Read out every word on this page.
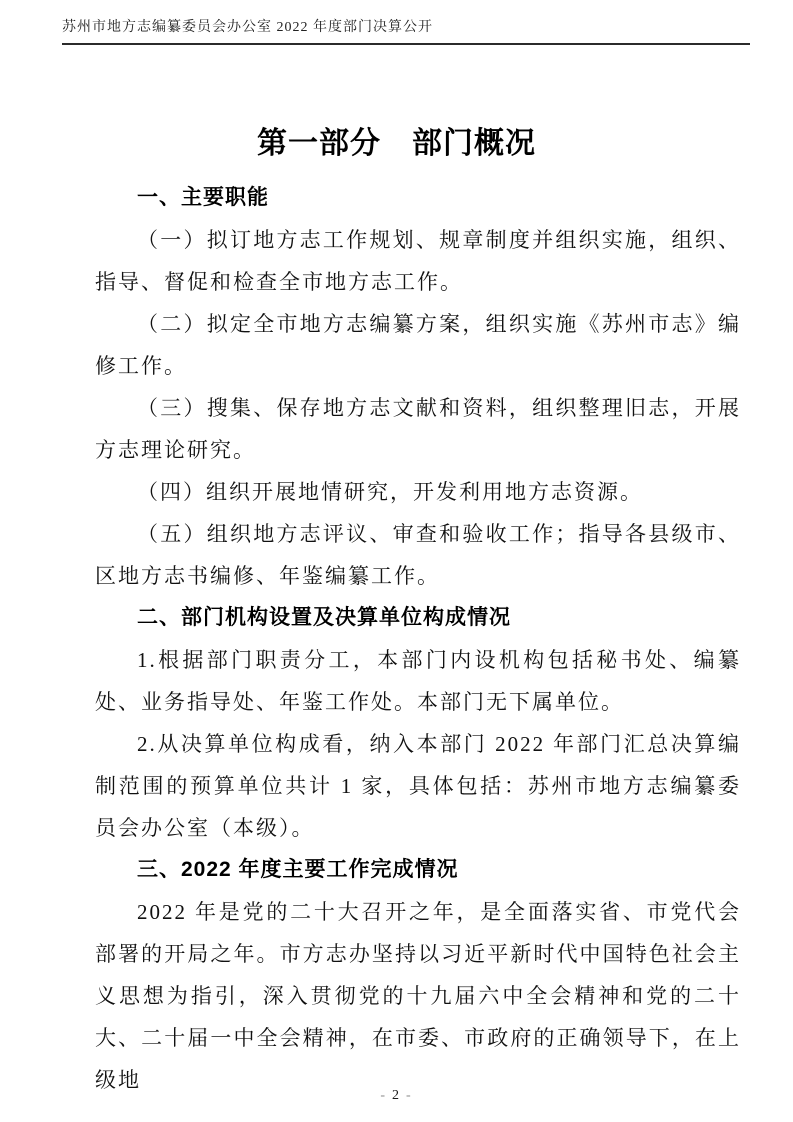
苏州市地方志编纂委员会办公室 2022 年度部门决算公开
第一部分　部门概况
一、主要职能

（一）拟订地方志工作规划、规章制度并组织实施，组织、指导、督促和检查全市地方志工作。

（二）拟定全市地方志编纂方案，组织实施《苏州市志》编修工作。

（三）搜集、保存地方志文献和资料，组织整理旧志，开展方志理论研究。

（四）组织开展地情研究，开发利用地方志资源。

（五）组织地方志评议、审查和验收工作；指导各县级市、区地方志书编修、年鉴编纂工作。

二、部门机构设置及决算单位构成情况

1.根据部门职责分工，本部门内设机构包括秘书处、编纂处、业务指导处、年鉴工作处。本部门无下属单位。

2.从决算单位构成看，纳入本部门 2022 年部门汇总决算编制范围的预算单位共计 1 家，具体包括：苏州市地方志编纂委员会办公室（本级）。

三、2022 年度主要工作完成情况

2022 年是党的二十大召开之年，是全面落实省、市党代会部署的开局之年。市方志办坚持以习近平新时代中国特色社会主义思想为指引，深入贯彻党的十九届六中全会精神和党的二十大、二十届一中全会精神，在市委、市政府的正确领导下，在上级地

- 2 -
